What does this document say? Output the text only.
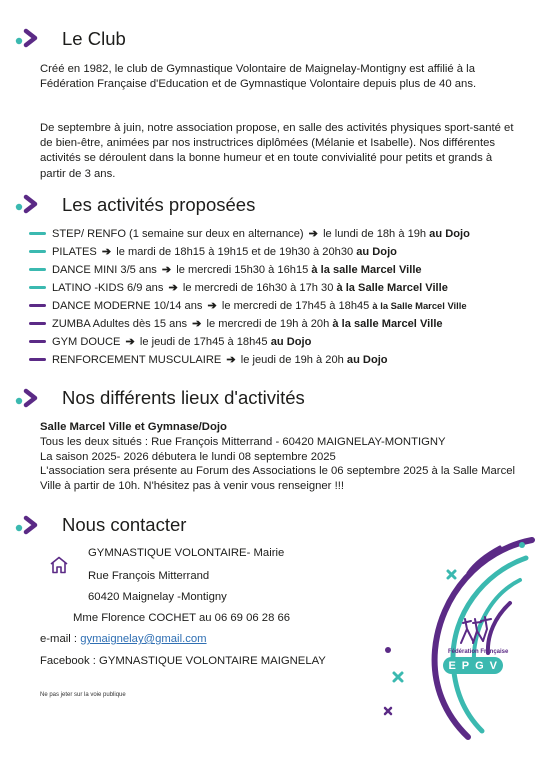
Le Club
Créé en 1982, le club de Gymnastique Volontaire de Maignelay-Montigny est affilié à la Fédération Française d'Education et de Gymnastique Volontaire depuis plus de 40 ans.
De septembre à juin, notre association propose, en salle des activités physiques sport-santé et de bien-être, animées par nos instructrices diplômées (Mélanie et Isabelle). Nos différentes activités se déroulent dans la bonne humeur et en toute convivialité pour petits et grands à partir de 3 ans.
Les activités proposées
STEP/ RENFO (1 semaine sur deux en alternance) ➔ le lundi de 18h à 19h au Dojo
PILATES ➔ le mardi de 18h15 à 19h15 et de 19h30 à 20h30 au Dojo
DANCE MINI 3/5 ans ➔ le mercredi 15h30 à 16h15 à la salle Marcel Ville
LATINO -KIDS 6/9 ans ➔ le mercredi de 16h30 à 17h 30 à la Salle Marcel Ville
DANCE MODERNE 10/14 ans ➔ le mercredi de 17h45 à 18h45 à la Salle Marcel Ville
ZUMBA Adultes dès 15 ans ➔ le mercredi de 19h à 20h à la salle Marcel Ville
GYM DOUCE ➔ le jeudi de 17h45 à 18h45 au Dojo
RENFORCEMENT MUSCULAIRE ➔ le jeudi de 19h à 20h au Dojo
Nos différents lieux d'activités
Salle Marcel Ville et Gymnase/Dojo
Tous les deux situés : Rue François Mitterrand - 60420 MAIGNELAY-MONTIGNY
La saison 2025- 2026 débutera le lundi 08 septembre 2025
L'association sera présente au Forum des Associations le 06 septembre 2025 à la Salle Marcel Ville à partir de 10h. N'hésitez pas à venir vous renseigner !!!
Nous contacter
GYMNASTIQUE VOLONTAIRE- Mairie
Rue François Mitterrand
60420 Maignelay -Montigny
Mme Florence COCHET au 06 69 06 28 66
e-mail : gymaignelay@gmail.com
Facebook : GYMNASTIQUE VOLONTAIRE MAIGNELAY
Ne pas jeter sur la voie publique
Fédération Française
E P G V
